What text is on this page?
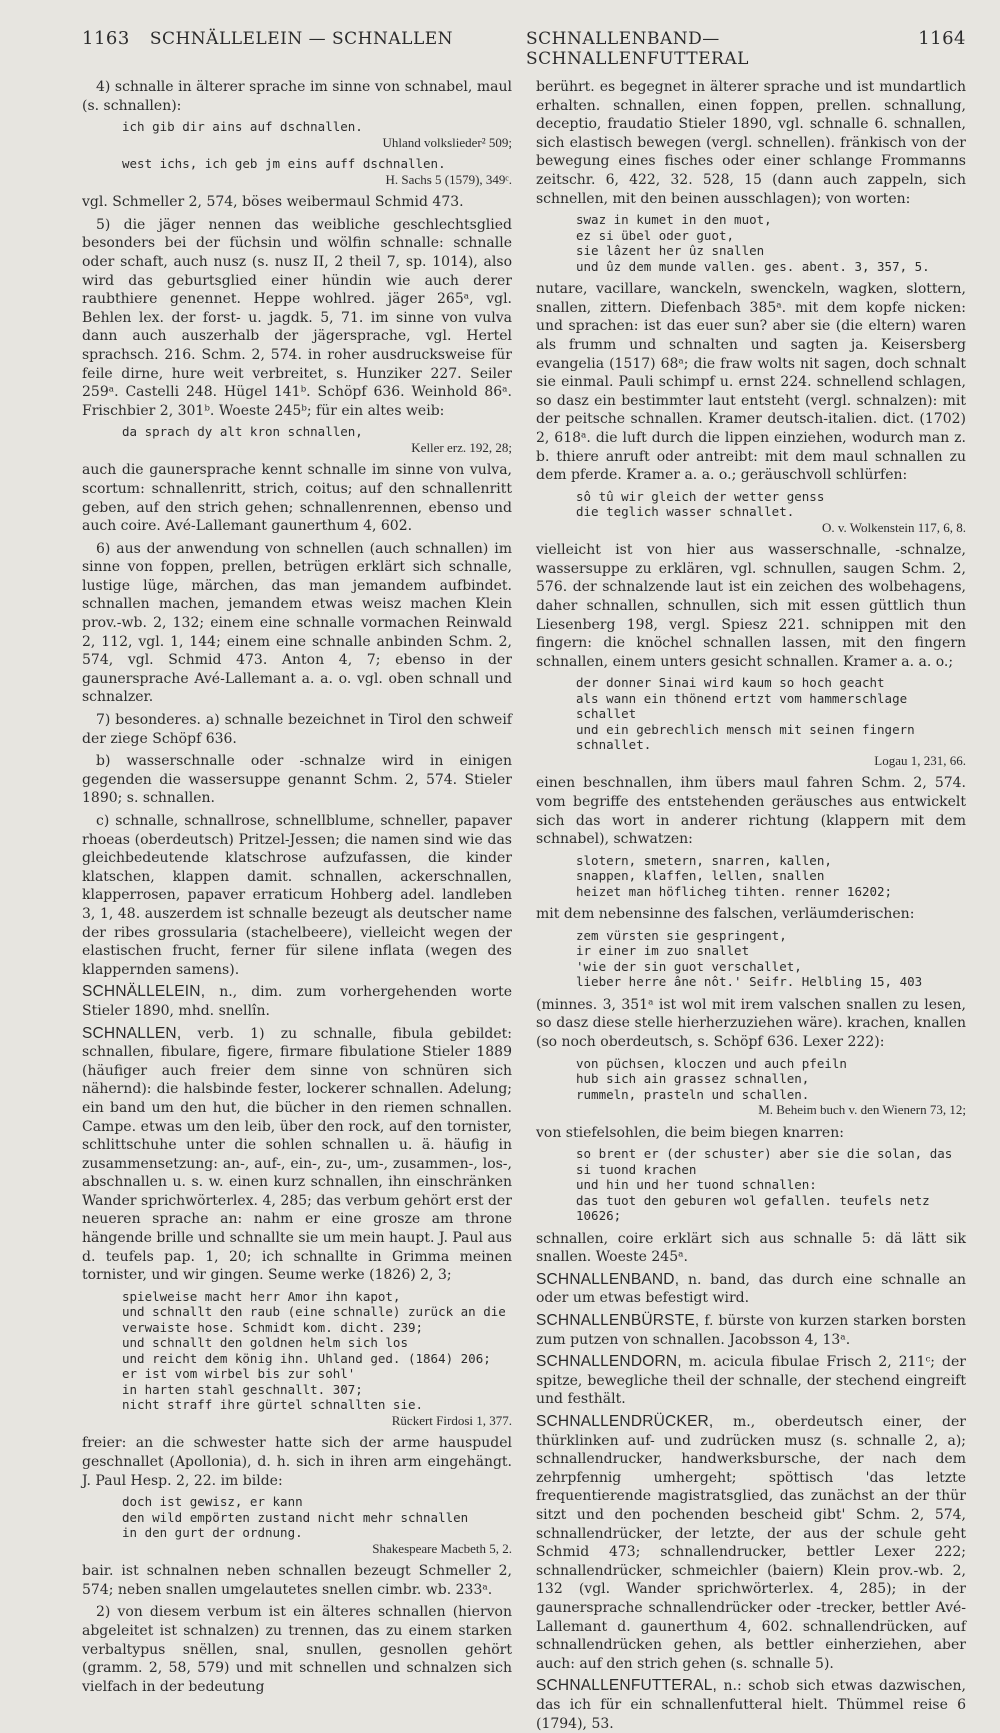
1163 SCHNÄLLELEIN — SCHNALLEN	SCHNALLENBAND—SCHNALLENFUTTERAL
1164

4) schnalle in älterer sprache im sinne von schnabel, maul (s. schnallen):

ich gib dir ains auf dschnallen.
Uhland volkslieder² 509;
west ichs, ich geb jm eins auff dschnallen.
H. Sachs 5 (1579), 349ᶜ.

vgl. Schmeller 2, 574, böses weibermaul Schmid 473.

5) die jäger nennen das weibliche geschlechtsglied besonders bei der füchsin und wölfin schnalle: schnalle oder schaft, auch nusz (s. nusz II, 2 theil 7, sp. 1014), also wird das geburtsglied einer hündin wie auch derer raubthiere genennet. Heppe wohlred. jäger 265ᵃ, vgl. Behlen lex. der forst- u. jagdk. 5, 71. im sinne von vulva dann auch auszerhalb der jägersprache, vgl. Hertel sprachsch. 216. Schm. 2, 574. in roher ausdrucksweise für feile dirne, hure weit verbreitet, s. Hunziker 227. Seiler 259ᵃ. Castelli 248. Hügel 141ᵇ. Schöpf 636. Weinhold 86ᵃ. Frischbier 2, 301ᵇ. Woeste 245ᵇ; für ein altes weib:

da sprach dy alt kron schnallen,
Keller erz. 192, 28;

auch die gaunersprache kennt schnalle im sinne von vulva, scortum: schnallenritt, strich, coitus; auf den schnallenritt geben, auf den strich gehen; schnallenrennen, ebenso und auch coire. Avé-Lallemant gaunerthum 4, 602.

6) aus der anwendung von schnellen (auch schnallen) im sinne von foppen, prellen, betrügen erklärt sich schnalle, lustige lüge, märchen, das man jemandem aufbindet. schnallen machen, jemandem etwas weisz machen Klein prov.-wb. 2, 132; einem eine schnalle vormachen Reinwald 2, 112, vgl. 1, 144; einem eine schnalle anbinden Schm. 2, 574, vgl. Schmid 473. Anton 4, 7; ebenso in der gaunersprache Avé-Lallemant a. a. o. vgl. oben schnall und schnalzer.

7) besonderes. a) schnalle bezeichnet in Tirol den schweif der ziege Schöpf 636.

b) wasserschnalle oder -schnalze wird in einigen gegenden die wassersuppe genannt Schm. 2, 574. Stieler 1890; s. schnallen.

c) schnalle, schnallrose, schnellblume, schneller, papaver rhoeas (oberdeutsch) Pritzel-Jessen; die namen sind wie das gleichbedeutende klatschrose aufzufassen, die kinder klatschen, klappen damit. schnallen, ackerschnallen, klapperrosen, papaver erraticum Hohberg adel. landleben 3, 1, 48. auszerdem ist schnalle bezeugt als deutscher name der ribes grossularia (stachelbeere), vielleicht wegen der elastischen frucht, ferner für silene inflata (wegen des klappernden samens).

SCHNÄLLELEIN, n., dim. zum vorhergehenden worte Stieler 1890, mhd. snellîn.

SCHNALLEN, verb. 1) zu schnalle, fibula gebildet: schnallen, fibulare, figere, firmare fibulatione Stieler 1889 (häufiger auch freier dem sinne von schnüren sich nähernd): die halsbinde fester, lockerer schnallen. Adelung; ein band um den hut, die bücher in den riemen schnallen. Campe. etwas um den leib, über den rock, auf den tornister, schlittschuhe unter die sohlen schnallen u. ä. häufig in zusammensetzung: an-, auf-, ein-, zu-, um-, zusammen-, los-, abschnallen u. s. w. einen kurz schnallen, ihn einschränken Wander sprichwörterlex. 4, 285; das verbum gehört erst der neueren sprache an: nahm er eine grosze am throne hängende brille und schnallte sie um mein haupt. J. Paul aus d. teufels pap. 1, 20; ich schnallte in Grimma meinen tornister, und wir gingen. Seume werke (1826) 2, 3;

spielweise macht herr Amor ihn kapot,
und schnallt den raub (eine schnalle) zurück an die
verwaiste hose. Schmidt kom. dicht. 239;
und schnallt den goldnen helm sich los
und reicht dem könig ihn. Uhland ged. (1864) 206;
er ist vom wirbel bis zur sohl'
in harten stahl geschnallt. 307;
nicht straff ihre gürtel schnallten sie.
Rückert Firdosi 1, 377.

freier: an die schwester hatte sich der arme hauspudel geschnallet (Apollonia), d. h. sich in ihren arm eingehängt. J. Paul Hesp. 2, 22. im bilde:

doch ist gewisz, er kann
den wild empörten zustand nicht mehr schnallen
in den gurt der ordnung.
Shakespeare Macbeth 5, 2.

bair. ist schnalnen neben schnallen bezeugt Schmeller 2, 574; neben snallen umgelautetes snellen cimbr. wb. 233ᵃ.

2) von diesem verbum ist ein älteres schnallen (hiervon abgeleitet ist schnalzen) zu trennen, das zu einem starken verbaltypus snëllen, snal, snullen, gesnollen gehört (gramm. 2, 58, 579) und mit schnellen und schnalzen sich vielfach in der bedeutung

berührt. es begegnet in älterer sprache und ist mundartlich erhalten. schnallen, einen foppen, prellen. schnallung, deceptio, fraudatio Stieler 1890, vgl. schnalle 6. schnallen, sich elastisch bewegen (vergl. schnellen). fränkisch von der bewegung eines fisches oder einer schlange Frommanns zeitschr. 6, 422, 32. 528, 15 (dann auch zappeln, sich schnellen, mit den beinen ausschlagen); von worten:

swaz in kumet in den muot,
ez si übel oder guot,
sie lâzent her ûz snallen
und ûz dem munde vallen. ges. abent. 3, 357, 5.

nutare, vacillare, wanckeln, swenckeln, wagken, slottern, snallen, zittern. Diefenbach 385ᵃ. mit dem kopfe nicken: und sprachen: ist das euer sun? aber sie (die eltern) waren als frumm und schnalten und sagten ja. Keisersberg evangelia (1517) 68ᵃ; die fraw wolts nit sagen, doch schnalt sie einmal. Pauli schimpf u. ernst 224. schnellend schlagen, so dasz ein bestimmter laut entsteht (vergl. schnalzen): mit der peitsche schnallen. Kramer deutsch-italien. dict. (1702) 2, 618ᵃ. die luft durch die lippen einziehen, wodurch man z. b. thiere anruft oder antreibt: mit dem maul schnallen zu dem pferde. Kramer a. a. o.; geräuschvoll schlürfen:

sô tû wir gleich der wetter genss
die teglich wasser schnallet.
O. v. Wolkenstein 117, 6, 8.

vielleicht ist von hier aus wasserschnalle, -schnalze, wassersuppe zu erklären, vgl. schnullen, saugen Schm. 2, 576. der schnalzende laut ist ein zeichen des wolbehagens, daher schnallen, schnullen, sich mit essen güttlich thun Liesenberg 198, vergl. Spiesz 221. schnippen mit den fingern: die knöchel schnallen lassen, mit den fingern schnallen, einem unters gesicht schnallen. Kramer a. a. o.;

der donner Sinai wird kaum so hoch geacht
als wann ein thönend ertzt vom hammerschlage schallet
und ein gebrechlich mensch mit seinen fingern schnallet.
Logau 1, 231, 66.

einen beschnallen, ihm übers maul fahren Schm. 2, 574. vom begriffe des entstehenden geräusches aus entwickelt sich das wort in anderer richtung (klappern mit dem schnabel), schwatzen:

slotern, smetern, snarren, kallen,
snappen, klaffen, lellen, snallen
heizet man höflicheg tihten. renner 16202;

mit dem nebensinne des falschen, verläumderischen:

zem vürsten sie gespringent,
ir einer im zuo snallet
'wie der sin guot verschallet,
lieber herre âne nôt.' Seifr. Helbling 15, 403

(minnes. 3, 351ᵃ ist wol mit irem valschen snallen zu lesen, so dasz diese stelle hierherzuziehen wäre). krachen, knallen (so noch oberdeutsch, s. Schöpf 636. Lexer 222):

von püchsen, kloczen und auch pfeiln
hub sich ain grassez schnallen,
rummeln, prasteln und schallen.
M. Beheim buch v. den Wienern 73, 12;

von stiefelsohlen, die beim biegen knarren:

so brent er (der schuster) aber sie die solan, das si tuond krachen
und hin und her tuond schnallen:
das tuot den geburen wol gefallen. teufels netz 10626;

schnallen, coire erklärt sich aus schnalle 5: dä lätt sik snallen. Woeste 245ᵃ.

SCHNALLENBAND, n. band, das durch eine schnalle an oder um etwas befestigt wird.

SCHNALLENBÜRSTE, f. bürste von kurzen starken borsten zum putzen von schnallen. Jacobsson 4, 13ᵃ.

SCHNALLENDORN, m. acicula fibulae Frisch 2, 211ᶜ; der spitze, bewegliche theil der schnalle, der stechend eingreift und festhält.

SCHNALLENDRÜCKER, m., oberdeutsch einer, der thürklinken auf- und zudrücken musz (s. schnalle 2, a); schnallendrucker, handwerksbursche, der nach dem zehrpfennig umhergeht; spöttisch 'das letzte frequentierende magistratsglied, das zunächst an der thür sitzt und den pochenden bescheid gibt' Schm. 2, 574, schnallendrücker, der letzte, der aus der schule geht Schmid 473; schnallendrucker, bettler Lexer 222; schnallendrücker, schmeichler (baiern) Klein prov.-wb. 2, 132 (vgl. Wander sprichwörterlex. 4, 285); in der gaunersprache schnallendrücker oder -trecker, bettler Avé-Lallemant d. gaunerthum 4, 602. schnallendrücken, auf schnallendrücken gehen, als bettler einherziehen, aber auch: auf den strich gehen (s. schnalle 5).

SCHNALLENFUTTERAL, n.: schob sich etwas dazwischen, das ich für ein schnallenfutteral hielt. Thümmel reise 6 (1794), 53.
